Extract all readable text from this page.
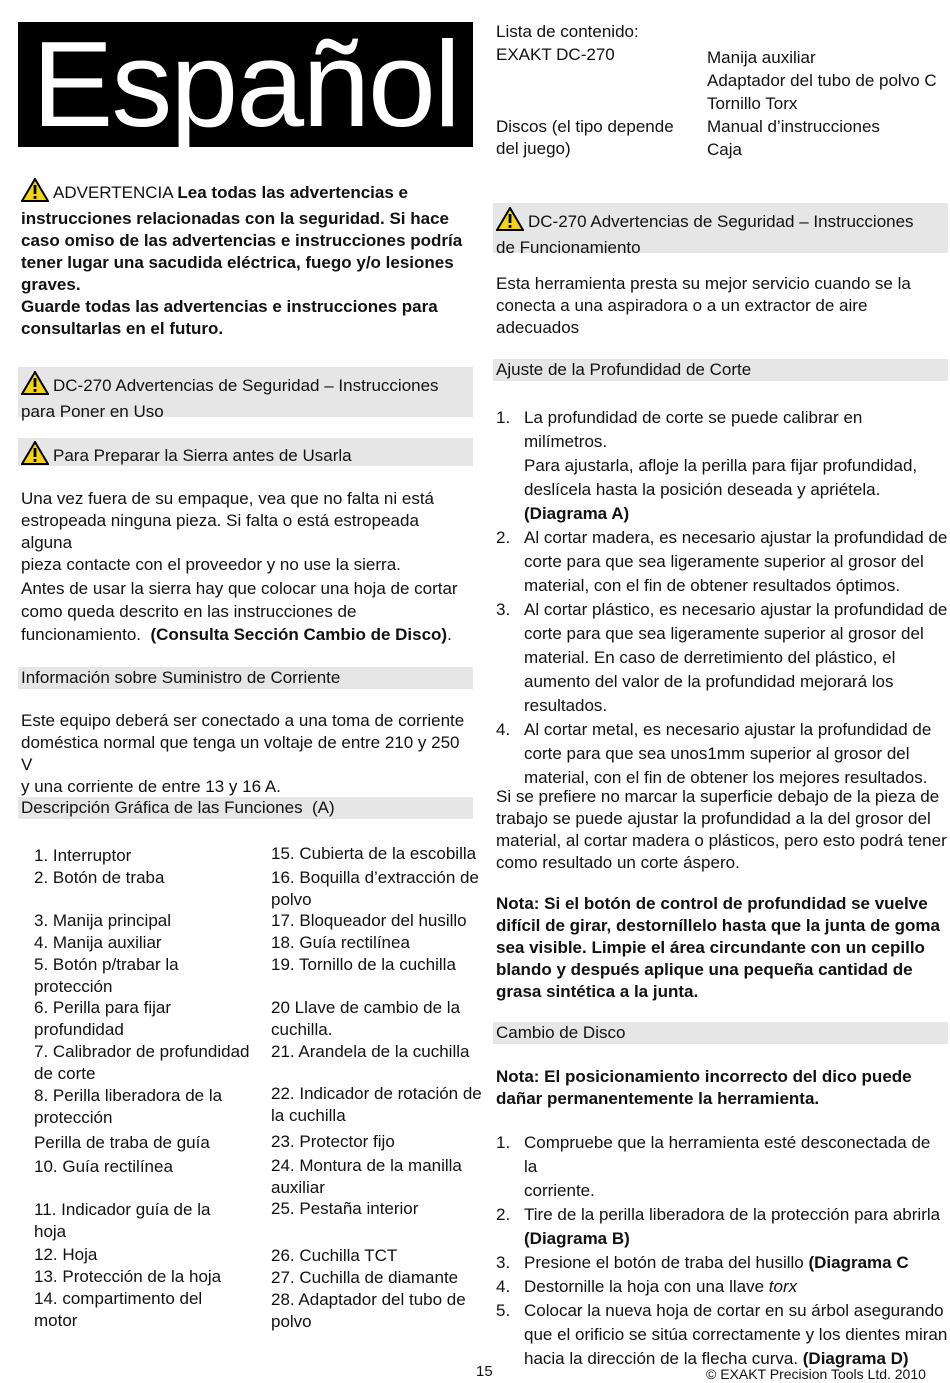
Español
ADVERTENCIA Lea todas las advertencias e
instrucciones relacionadas con la seguridad. Si hace
caso omiso de las advertencias e instrucciones podría
tener lugar una sacudida eléctrica, fuego y/o lesiones
graves.
Guarde todas las advertencias e instrucciones para
consultarlas en el futuro.
DC-270 Advertencias de Seguridad – Instrucciones
para Poner en Uso
Para Preparar la Sierra antes de Usarla
Una vez fuera de su empaque, vea que no falta ni está
estropeada ninguna pieza. Si falta o está estropeada alguna
pieza contacte con el proveedor y no use la sierra.
Antes de usar la sierra hay que colocar una hoja de cortar
como queda descrito en las instrucciones de
funcionamiento. (Consulta Sección Cambio de Disco).
Información sobre Suministro de Corriente
Este equipo deberá ser conectado a una toma de corriente
doméstica normal que tenga un voltaje de entre 210 y 250 V
y una corriente de entre 13 y 16 A.
Descripción Gráfica de las Funciones  (A)
1. Interruptor
2. Botón de traba
3. Manija principal
4. Manija auxiliar
5. Botón p/trabar la
protección
6. Perilla para fijar
profundidad
7. Calibrador de profundidad
de corte
8. Perilla liberadora de la
protección
Perilla de traba de guía
10. Guía rectilínea
11. Indicador guía de la
hoja
12. Hoja
13. Protección de la hoja
14. compartimento del
motor
15. Cubierta de la escobilla
16. Boquilla d’extracción de
polvo
17. Bloqueador del husillo
18. Guía rectilínea
19. Tornillo de la cuchilla
20 Llave de cambio de la
cuchilla.
21. Arandela de la cuchilla
22. Indicador de rotación de
la cuchilla
23. Protector fijo
24. Montura de la manilla
auxiliar
25. Pestaña interior
26. Cuchilla TCT
27. Cuchilla de diamante
28. Adaptador del tubo de
polvo
Lista de contenido:
EXAKT DC-270
Discos (el tipo depende
del juego)
Manija auxiliar
Adaptador del tubo de polvo C
Tornillo Torx
Manual d’instrucciones
Caja
DC-270 Advertencias de Seguridad – Instrucciones
de Funcionamiento
Esta herramienta presta su mejor servicio cuando se la
conecta a una aspiradora o a un extractor de aire
adecuados
Ajuste de la Profundidad de Corte
1. La profundidad de corte se puede calibrar en milímetros.
Para ajustarla, afloje la perilla para fijar profundidad,
deslícela hasta la posición deseada y apriétela.
(Diagrama A)
2. Al cortar madera, es necesario ajustar la profundidad de
corte para que sea ligeramente superior al grosor del
material, con el fin de obtener resultados óptimos.
3. Al cortar plástico, es necesario ajustar la profundidad de
corte para que sea ligeramente superior al grosor del
material. En caso de derretimiento del plástico, el
aumento del valor de la profundidad mejorará los
resultados.
4. Al cortar metal, es necesario ajustar la profundidad de
corte para que sea unos1mm superior al grosor del
material, con el fin de obtener los mejores resultados.
Si se prefiere no marcar la superficie debajo de la pieza de
trabajo se puede ajustar la profundidad a la del grosor del
material, al cortar madera o plásticos, pero esto podrá tener
como resultado un corte áspero.
Nota: Si el botón de control de profundidad se vuelve
difícil de girar, destorníllelo hasta que la junta de goma
sea visible. Limpie el área circundante con un cepillo
blando y después aplique una pequeña cantidad de
grasa sintética a la junta.
Cambio de Disco
Nota: El posicionamiento incorrecto del dico puede
dañar permanentemente la herramienta.
1. Compruebe que la herramienta esté desconectada de la
corriente.
2. Tire de la perilla liberadora de la protección para abrirla
(Diagrama B)
3. Presione el botón de traba del husillo (Diagrama C
4. Destornille la hoja con una llave torx
5. Colocar la nueva hoja de cortar en su árbol asegurando
que el orificio se sitúa correctamente y los dientes miran
hacia la dirección de la flecha curva. (Diagrama D)
15	© EXAKT Precision Tools Ltd. 2010
